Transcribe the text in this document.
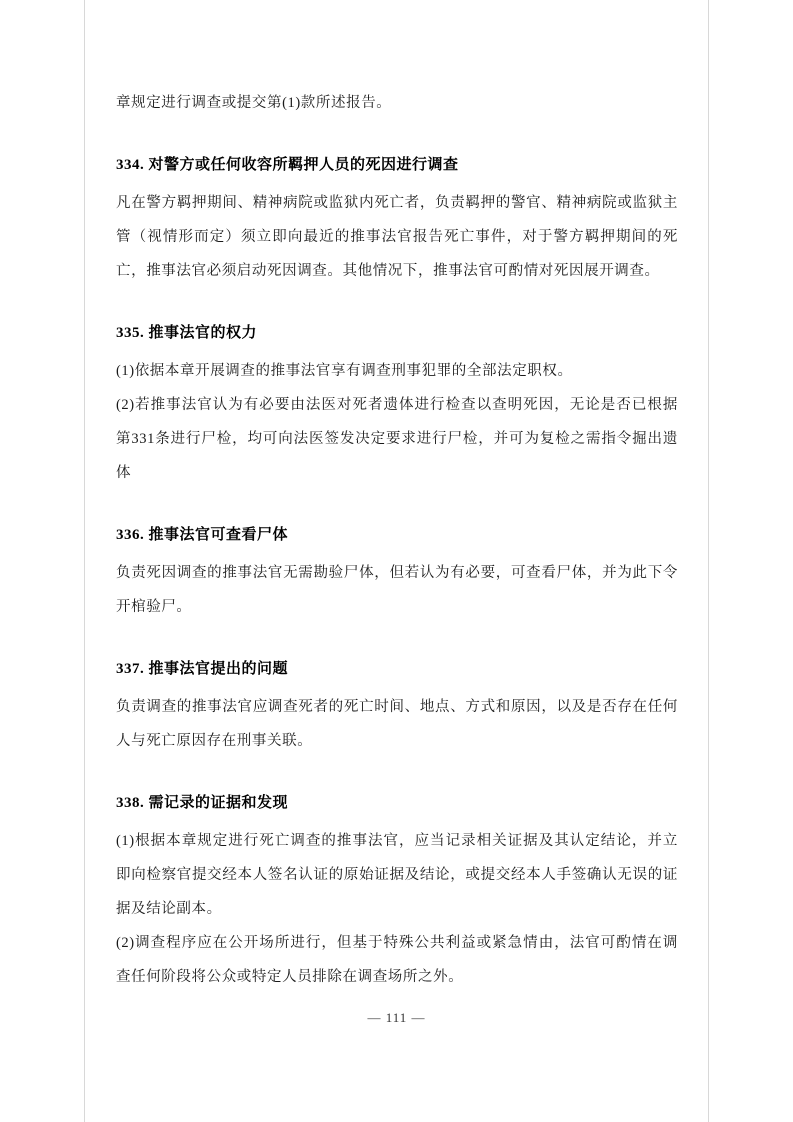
章规定进行调查或提交第(1)款所述报告。

334. 对警方或任何收容所羁押人员的死因进行调查

凡在警方羁押期间、精神病院或监狱内死亡者，负责羁押的警官、精神病院或监狱主管（视情形而定）须立即向最近的推事法官报告死亡事件，对于警方羁押期间的死亡，推事法官必须启动死因调查。其他情况下，推事法官可酌情对死因展开调查。

335. 推事法官的权力

(1)依据本章开展调查的推事法官享有调查刑事犯罪的全部法定职权。

(2)若推事法官认为有必要由法医对死者遗体进行检查以查明死因，无论是否已根据第331条进行尸检，均可向法医签发决定要求进行尸检，并可为复检之需指令掘出遗体

336. 推事法官可查看尸体

负责死因调查的推事法官无需勘验尸体，但若认为有必要，可查看尸体，并为此下令开棺验尸。

337. 推事法官提出的问题

负责调查的推事法官应调查死者的死亡时间、地点、方式和原因，以及是否存在任何人与死亡原因存在刑事关联。

338. 需记录的证据和发现

(1)根据本章规定进行死亡调查的推事法官，应当记录相关证据及其认定结论，并立即向检察官提交经本人签名认证的原始证据及结论，或提交经本人手签确认无误的证据及结论副本。

(2)调查程序应在公开场所进行，但基于特殊公共利益或紧急情由，法官可酌情在调查任何阶段将公众或特定人员排除在调查场所之外。

— 111 —
